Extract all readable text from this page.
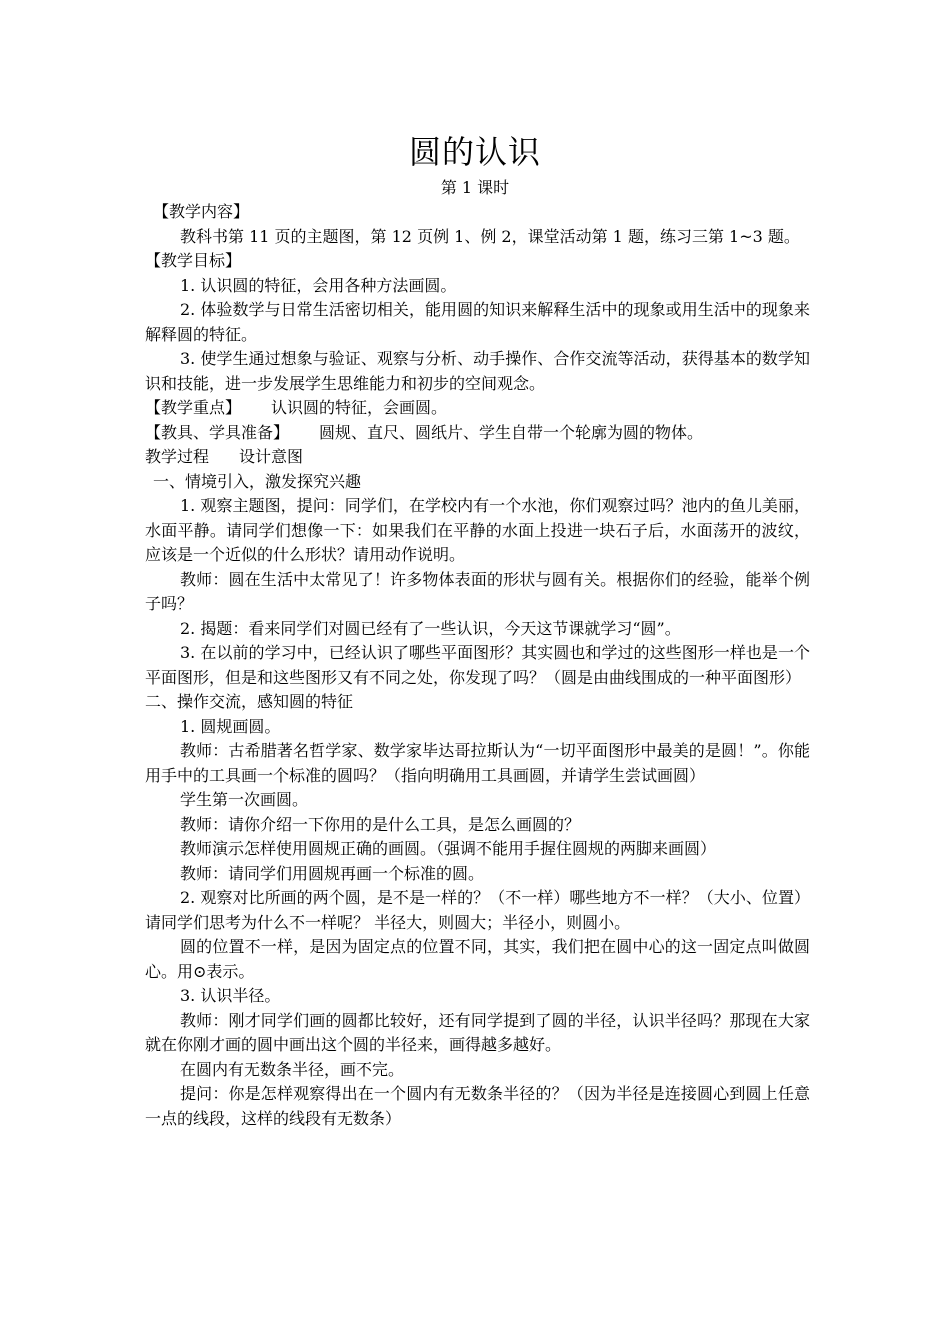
圆的认识
第 1 课时

【教学内容】

教科书第 11 页的主题图，第 12 页例 1、例 2，课堂活动第 1 题，练习三第 1~3 题。

【教学目标】

1. 认识圆的特征，会用各种方法画圆。

2. 体验数学与日常生活密切相关，能用圆的知识来解释生活中的现象或用生活中的现象来解释圆的特征。

3. 使学生通过想象与验证、观察与分析、动手操作、合作交流等活动，获得基本的数学知识和技能，进一步发展学生思维能力和初步的空间观念。

【教学重点】 认识圆的特征，会画圆。

【教具、学具准备】 圆规、直尺、圆纸片、学生自带一个轮廓为圆的物体。

教学过程 设计意图

一、情境引入，激发探究兴趣

1. 观察主题图，提问：同学们，在学校内有一个水池，你们观察过吗？池内的鱼儿美丽，水面平静。请同学们想像一下：如果我们在平静的水面上投进一块石子后，水面荡开的波纹，应该是一个近似的什么形状？请用动作说明。

教师：圆在生活中太常见了！许多物体表面的形状与圆有关。根据你们的经验，能举个例子吗？

2. 揭题：看来同学们对圆已经有了一些认识，今天这节课就学习“圆”。

3. 在以前的学习中，已经认识了哪些平面图形？其实圆也和学过的这些图形一样也是一个平面图形，但是和这些图形又有不同之处，你发现了吗？（圆是由曲线围成的一种平面图形）

二、操作交流，感知圆的特征

1. 圆规画圆。

教师：古希腊著名哲学家、数学家毕达哥拉斯认为“一切平面图形中最美的是圆！”。你能用手中的工具画一个标准的圆吗？（指向明确用工具画圆，并请学生尝试画圆）

学生第一次画圆。

教师：请你介绍一下你用的是什么工具，是怎么画圆的？

教师演示怎样使用圆规正确的画圆。（强调不能用手握住圆规的两脚来画圆）

教师：请同学们用圆规再画一个标准的圆。

2. 观察对比所画的两个圆，是不是一样的？（不一样）哪些地方不一样？（大小、位置）请同学们思考为什么不一样呢？ 半径大，则圆大；半径小，则圆小。

圆的位置不一样，是因为固定点的位置不同，其实，我们把在圆中心的这一固定点叫做圆心。用⊙表示。

3. 认识半径。

教师：刚才同学们画的圆都比较好，还有同学提到了圆的半径，认识半径吗？那现在大家就在你刚才画的圆中画出这个圆的半径来，画得越多越好。

在圆内有无数条半径，画不完。

提问：你是怎样观察得出在一个圆内有无数条半径的？（因为半径是连接圆心到圆上任意一点的线段，这样的线段有无数条）
